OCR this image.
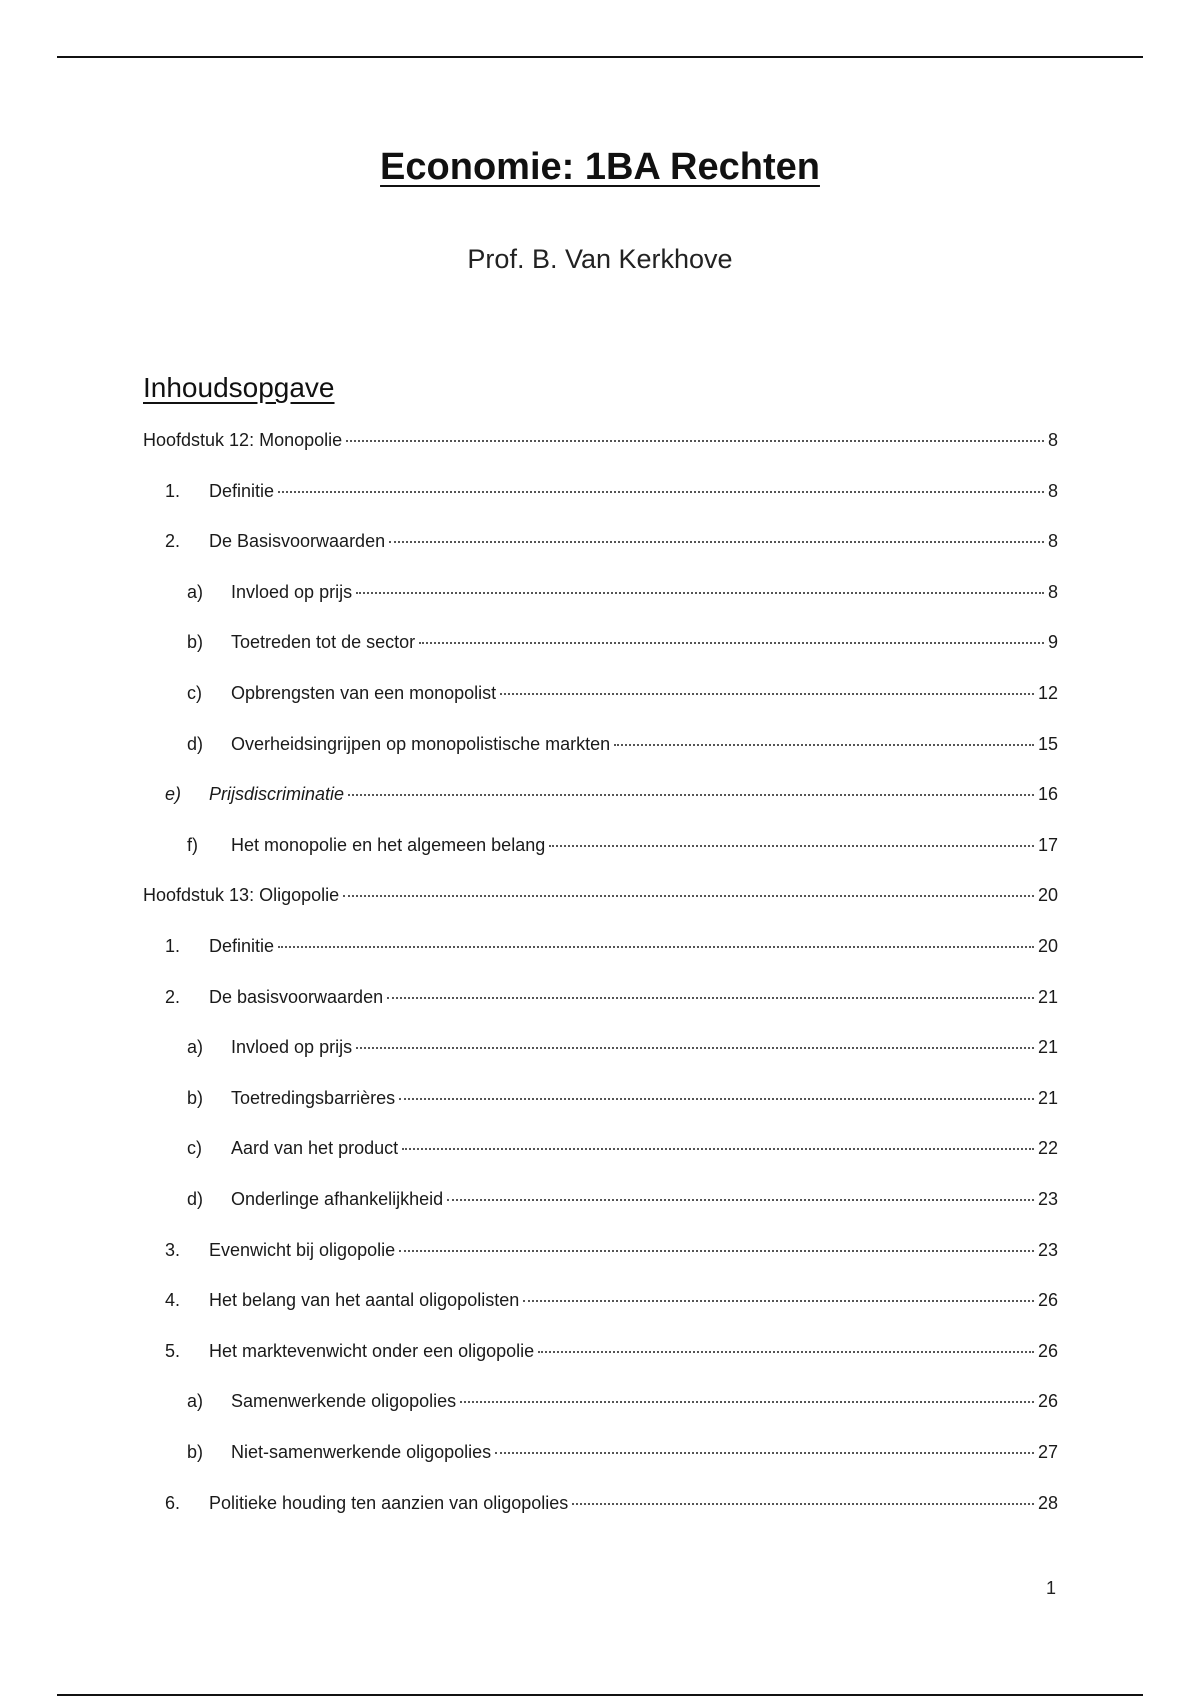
Economie: 1BA Rechten
Prof. B. Van Kerkhove
Inhoudsopgave
Hoofdstuk 12: Monopolie	8
1.	Definitie	8
2.	De Basisvoorwaarden	8
a)	Invloed op prijs	8
b)	Toetreden tot de sector	9
c)	Opbrengsten van een monopolist	12
d)	Overheidsingrijpen op monopolistische markten	15
e)	Prijsdiscriminatie	16
f)	Het monopolie en het algemeen belang	17
Hoofdstuk 13: Oligopolie	20
1.	Definitie	20
2.	De basisvoorwaarden	21
a)	Invloed op prijs	21
b)	Toetredingsbarrières	21
c)	Aard van het product	22
d)	Onderlinge afhankelijkheid	23
3.	Evenwicht bij oligopolie	23
4.	Het belang van het aantal oligopolisten	26
5.	Het marktevenwicht onder een oligopolie	26
a)	Samenwerkende oligopolies	26
b)	Niet-samenwerkende oligopolies	27
6.	Politieke houding ten aanzien van oligopolies	28
1
